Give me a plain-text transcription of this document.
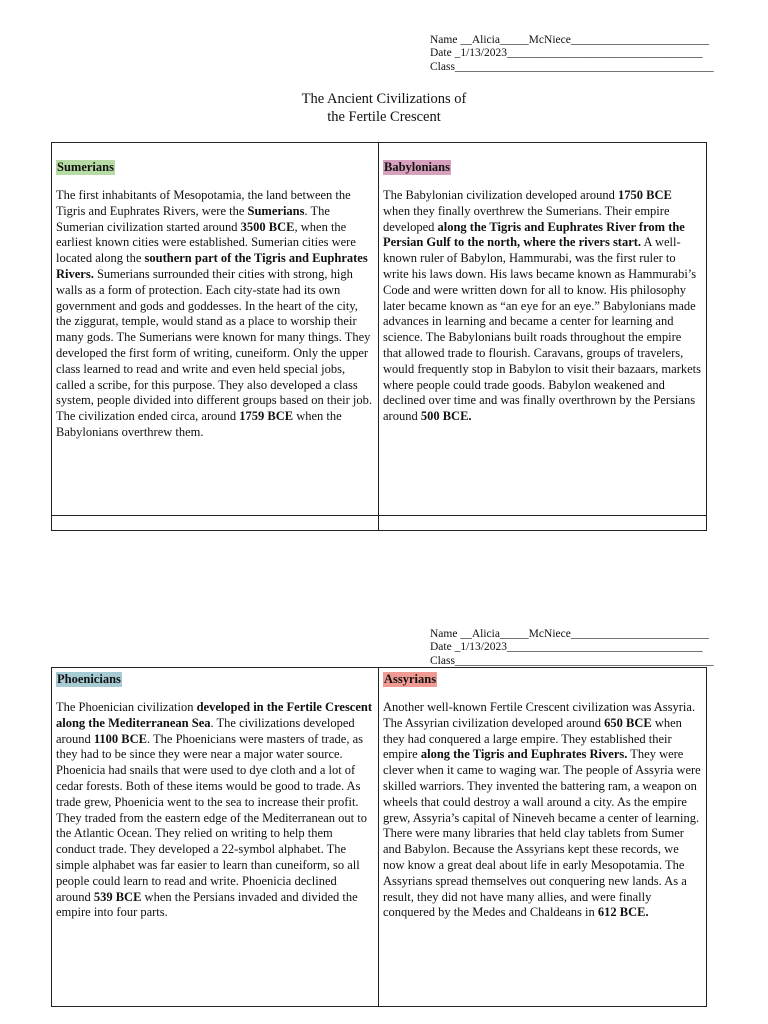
Name __Alicia_____McNiece________________________
Date _1/13/2023__________________________________
Class_____________________________________________
The Ancient Civilizations of
the Fertile Crescent
Sumerians
The first inhabitants of Mesopotamia, the land between the Tigris and Euphrates Rivers, were the Sumerians. The Sumerian civilization started around 3500 BCE, when the earliest known cities were established. Sumerian cities were located along the southern part of the Tigris and Euphrates Rivers. Sumerians surrounded their cities with strong, high walls as a form of protection. Each city-state had its own government and gods and goddesses. In the heart of the city, the ziggurat, temple, would stand as a place to worship their many gods. The Sumerians were known for many things. They developed the first form of writing, cuneiform. Only the upper class learned to read and write and even held special jobs, called a scribe, for this purpose. They also developed a class system, people divided into different groups based on their job. The civilization ended circa, around 1759 BCE when the Babylonians overthrew them.
Babylonians
The Babylonian civilization developed around 1750 BCE when they finally overthrew the Sumerians. Their empire developed along the Tigris and Euphrates River from the Persian Gulf to the north, where the rivers start. A well-known ruler of Babylon, Hammurabi, was the first ruler to write his laws down. His laws became known as Hammurabi’s Code and were written down for all to know. His philosophy later became known as “an eye for an eye.” Babylonians made advances in learning and became a center for learning and science. The Babylonians built roads throughout the empire that allowed trade to flourish. Caravans, groups of travelers, would frequently stop in Babylon to visit their bazaars, markets where people could trade goods. Babylon weakened and declined over time and was finally overthrown by the Persians around 500 BCE.
Name __Alicia_____McNiece________________________
Date _1/13/2023__________________________________
Class_____________________________________________
Phoenicians
The Phoenician civilization developed in the Fertile Crescent along the Mediterranean Sea. The civilizations developed around 1100 BCE. The Phoenicians were masters of trade, as they had to be since they were near a major water source. Phoenicia had snails that were used to dye cloth and a lot of cedar forests. Both of these items would be good to trade. As trade grew, Phoenicia went to the sea to increase their profit. They traded from the eastern edge of the Mediterranean out to the Atlantic Ocean. They relied on writing to help them conduct trade. They developed a 22-symbol alphabet. The simple alphabet was far easier to learn than cuneiform, so all people could learn to read and write. Phoenicia declined around 539 BCE when the Persians invaded and divided the empire into four parts.
Assyrians
Another well-known Fertile Crescent civilization was Assyria. The Assyrian civilization developed around 650 BCE when they had conquered a large empire. They established their empire along the Tigris and Euphrates Rivers. They were clever when it came to waging war. The people of Assyria were skilled warriors. They invented the battering ram, a weapon on wheels that could destroy a wall around a city. As the empire grew, Assyria’s capital of Nineveh became a center of learning. There were many libraries that held clay tablets from Sumer and Babylon. Because the Assyrians kept these records, we now know a great deal about life in early Mesopotamia. The Assyrians spread themselves out conquering new lands. As a result, they did not have many allies, and were finally conquered by the Medes and Chaldeans in 612 BCE.
